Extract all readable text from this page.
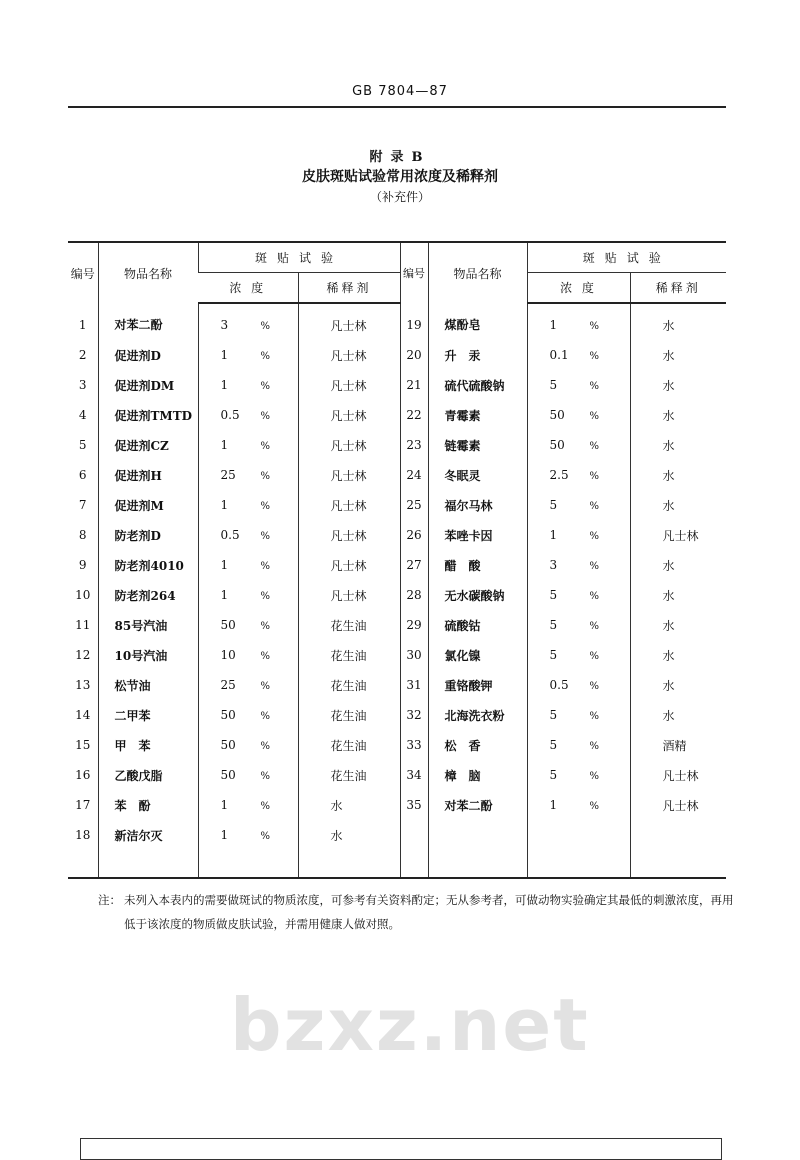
GB 7804—87
附录B
皮肤斑贴试验常用浓度及稀释剂
（补充件）
编号	物品名称	斑贴试验		编号	物品名称	斑贴试验	
		浓 度	稀释剂			浓 度	稀释剂
1	对苯二酚	3 %	凡士林	19	煤酚皂	1 %	水
2	促进剂D	1 %	凡士林	20	升　汞	0.1 %	水
3	促进剂DM	1 %	凡士林	21	硫代硫酸钠	5 %	水
4	促进剂TMTD	0.5 %	凡士林	22	青霉素	50 %	水
5	促进剂CZ	1 %	凡士林	23	链霉素	50 %	水
6	促进剂H	25 %	凡士林	24	冬眠灵	2.5 %	水
7	促进剂M	1 %	凡士林	25	福尔马林	5 %	水
8	防老剂D	0.5 %	凡士林	26	苯唑卡因	1 %	凡士林
9	防老剂4010	1 %	凡士林	27	醋　酸	3 %	水
10	防老剂264	1 %	凡士林	28	无水碳酸钠	5 %	水
11	85号汽油	50 %	花生油	29	硫酸钴	5 %	水
12	10号汽油	10 %	花生油	30	氯化镍	5 %	水
13	松节油	25 %	花生油	31	重铬酸钾	0.5 %	水
14	二甲苯	50 %	花生油	32	北海洗衣粉	5 %	水
15	甲　苯	50 %	花生油	33	松　香	5 %	酒精
16	乙酸戊脂	50 %	花生油	34	樟　脑	5 %	凡士林
17	苯　酚	1 %	水	35	对苯二酚	1 %	凡士林
18	新洁尔灭	1 %	水				

注： 未列入本表内的需要做斑试的物质浓度，可参考有关资料酌定；无从参考者，可做动物实验确定其最低的刺激浓度，再用低于该浓度的物质做皮肤试验，并需用健康人做对照。
bzxz.net
